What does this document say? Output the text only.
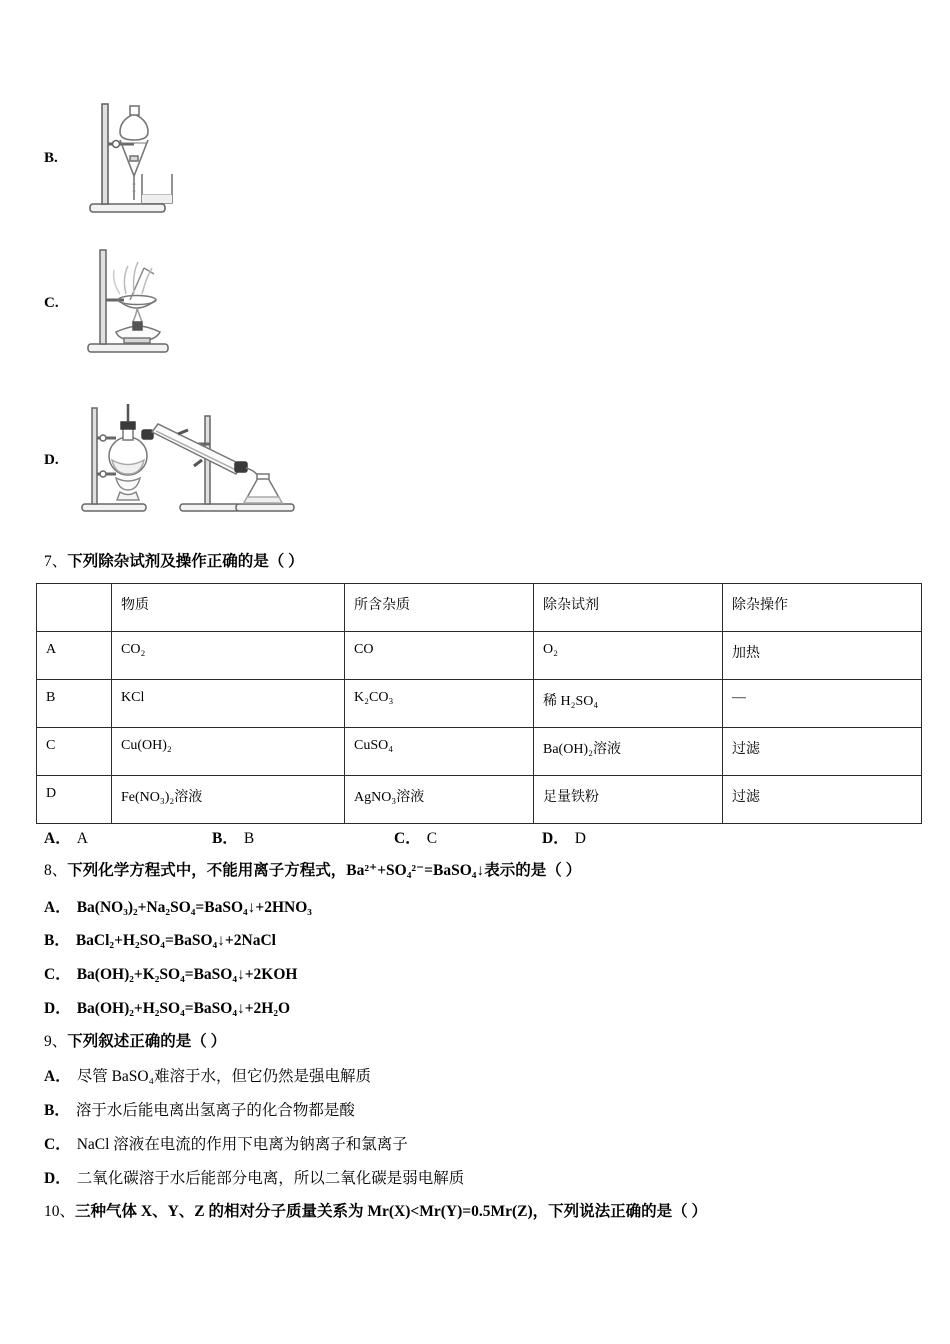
B.
C.
D.
7、下列除杂试剂及操作正确的是（ ）
	物质	所含杂质	除杂试剂	除杂操作
A	CO₂	CO	O₂	加热
B	KCl	K₂CO₃	稀 H₂SO₄	—
C	Cu(OH)₂	CuSO₄	Ba(OH)₂溶液	过滤
D	Fe(NO₃)₂溶液	AgNO₃溶液	足量铁粉	过滤
A． A	B． B	C． C	D． D
8、下列化学方程式中，不能用离子方程式，Ba²⁺+SO₄²⁻=BaSO₄↓表示的是（ ）
A． Ba(NO₃)₂+Na₂SO₄=BaSO₄↓+2HNO₃
B． BaCl₂+H₂SO₄=BaSO₄↓+2NaCl
C． Ba(OH)₂+K₂SO₄=BaSO₄↓+2KOH
D． Ba(OH)₂+H₂SO₄=BaSO₄↓+2H₂O
9、下列叙述正确的是（ ）
A． 尽管 BaSO₄难溶于水，但它仍然是强电解质
B． 溶于水后能电离出氢离子的化合物都是酸
C． NaCl 溶液在电流的作用下电离为钠离子和氯离子
D． 二氧化碳溶于水后能部分电离，所以二氧化碳是弱电解质
10、三种气体 X、Y、Z 的相对分子质量关系为 Mr(X)<Mr(Y)=0.5Mr(Z)，下列说法正确的是（ ）
